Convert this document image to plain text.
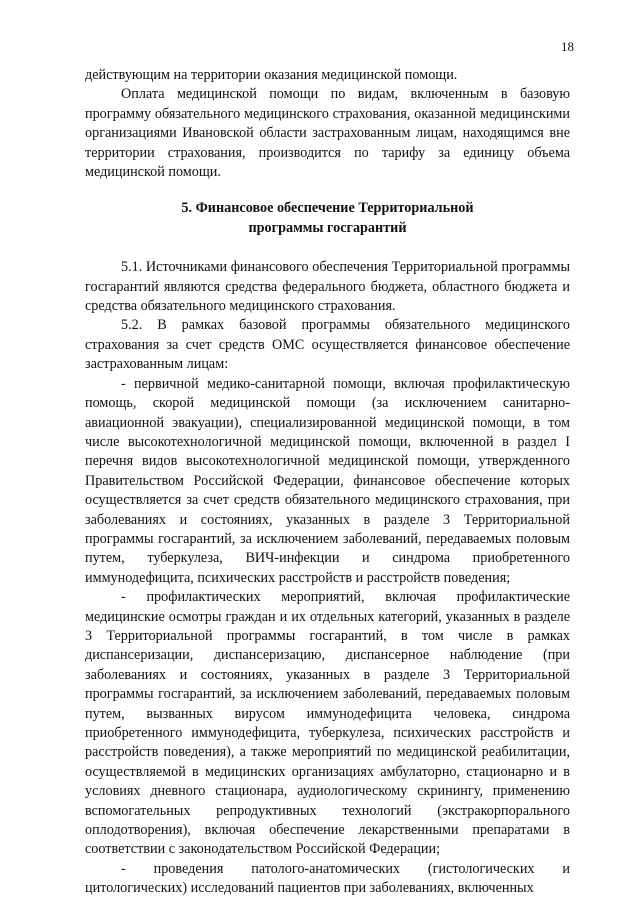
18

действующим на территории оказания медицинской помощи.

Оплата медицинской помощи по видам, включенным в базовую программу обязательного медицинского страхования, оказанной медицинскими организациями Ивановской области застрахованным лицам, находящимся вне территории страхования, производится по тарифу за единицу объема медицинской помощи.

5. Финансовое обеспечение Территориальной
программы госгарантий

5.1. Источниками финансового обеспечения Территориальной программы госгарантий являются средства федерального бюджета, областного бюджета и средства обязательного медицинского страхования.

5.2. В рамках базовой программы обязательного медицинского страхования за счет средств ОМС осуществляется финансовое обеспечение застрахованным лицам:

- первичной медико-санитарной помощи, включая профилактическую помощь, скорой медицинской помощи (за исключением санитарно-авиационной эвакуации), специализированной медицинской помощи, в том числе высокотехнологичной медицинской помощи, включенной в раздел I перечня видов высокотехнологичной медицинской помощи, утвержденного Правительством Российской Федерации, финансовое обеспечение которых осуществляется за счет средств обязательного медицинского страхования, при заболеваниях и состояниях, указанных в разделе 3 Территориальной программы госгарантий, за исключением заболеваний, передаваемых половым путем, туберкулеза, ВИЧ-инфекции и синдрома приобретенного иммунодефицита, психических расстройств и расстройств поведения;

- профилактических мероприятий, включая профилактические медицинские осмотры граждан и их отдельных категорий, указанных в разделе 3 Территориальной программы госгарантий, в том числе в рамках диспансеризации, диспансеризацию, диспансерное наблюдение (при заболеваниях и состояниях, указанных в разделе 3 Территориальной программы госгарантий, за исключением заболеваний, передаваемых половым путем, вызванных вирусом иммунодефицита человека, синдрома приобретенного иммунодефицита, туберкулеза, психических расстройств и расстройств поведения), а также мероприятий по медицинской реабилитации, осуществляемой в медицинских организациях амбулаторно, стационарно и в условиях дневного стационара, аудиологическому скринингу, применению вспомогательных репродуктивных технологий (экстракорпорального оплодотворения), включая обеспечение лекарственными препаратами в соответствии с законодательством Российской Федерации;

- проведения патолого-анатомических (гистологических и цитологических) исследований пациентов при заболеваниях, включенных
